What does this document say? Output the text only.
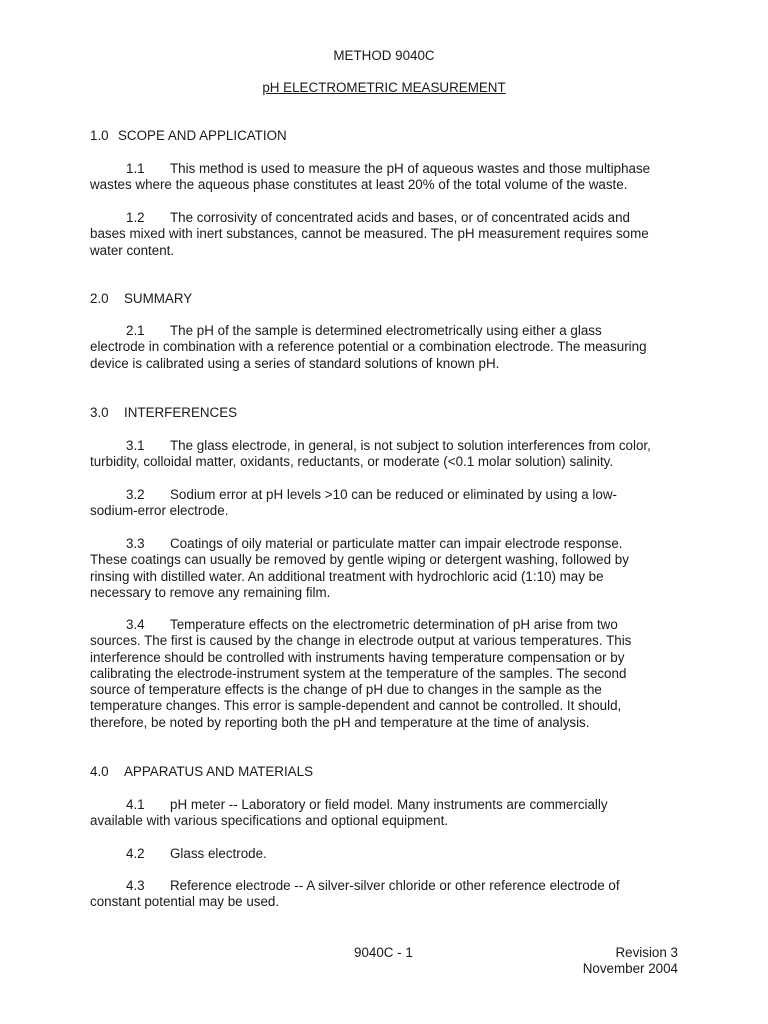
METHOD 9040C
pH ELECTROMETRIC MEASUREMENT
1.0 SCOPE AND APPLICATION

1.1 This method is used to measure the pH of aqueous wastes and those multiphase wastes where the aqueous phase constitutes at least 20% of the total volume of the waste.

1.2 The corrosivity of concentrated acids and bases, or of concentrated acids and bases mixed with inert substances, cannot be measured. The pH measurement requires some water content.

2.0 SUMMARY

2.1 The pH of the sample is determined electrometrically using either a glass electrode in combination with a reference potential or a combination electrode. The measuring device is calibrated using a series of standard solutions of known pH.

3.0 INTERFERENCES

3.1 The glass electrode, in general, is not subject to solution interferences from color, turbidity, colloidal matter, oxidants, reductants, or moderate (<0.1 molar solution) salinity.

3.2 Sodium error at pH levels >10 can be reduced or eliminated by using a low-sodium-error electrode.

3.3 Coatings of oily material or particulate matter can impair electrode response. These coatings can usually be removed by gentle wiping or detergent washing, followed by rinsing with distilled water. An additional treatment with hydrochloric acid (1:10) may be necessary to remove any remaining film.

3.4 Temperature effects on the electrometric determination of pH arise from two sources. The first is caused by the change in electrode output at various temperatures. This interference should be controlled with instruments having temperature compensation or by calibrating the electrode-instrument system at the temperature of the samples. The second source of temperature effects is the change of pH due to changes in the sample as the temperature changes. This error is sample-dependent and cannot be controlled. It should, therefore, be noted by reporting both the pH and temperature at the time of analysis.

4.0 APPARATUS AND MATERIALS

4.1 pH meter -- Laboratory or field model. Many instruments are commercially available with various specifications and optional equipment.

4.2 Glass electrode.

4.3 Reference electrode -- A silver-silver chloride or other reference electrode of constant potential may be used.

9040C - 1	Revision 3
November 2004
